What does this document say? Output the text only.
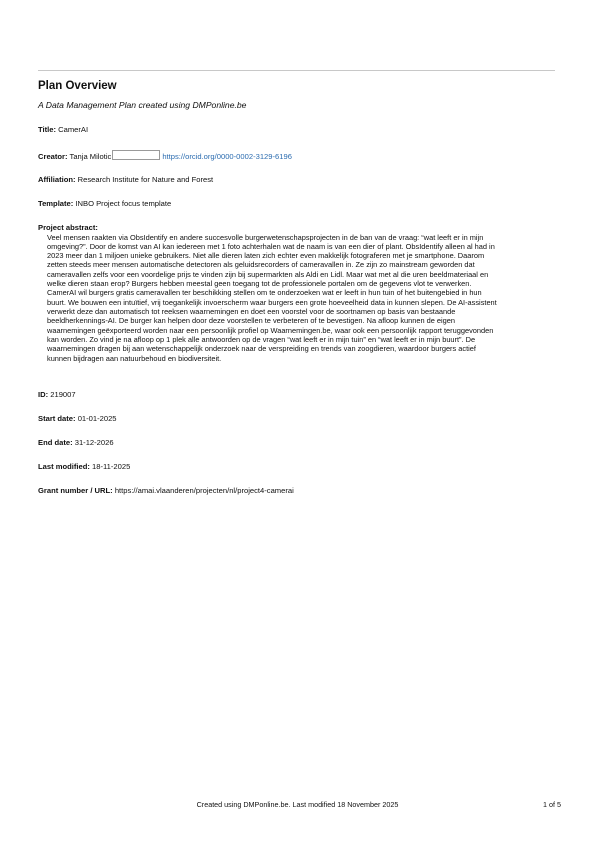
Plan Overview
A Data Management Plan created using DMPonline.be
Title: CamerAI
Creator: Tanja Milotic	https://orcid.org/0000-0002-3129-6196
Affiliation: Research Institute for Nature and Forest
Template: INBO Project focus template
Project abstract:
Veel mensen raakten via ObsIdentify en andere succesvolle burgerwetenschapsprojecten in de ban van de vraag: “wat leeft er in mijn
omgeving?”. Door de komst van AI kan iedereen met 1 foto achterhalen wat de naam is van een dier of plant. ObsIdentify alleen al had in
2023 meer dan 1 miljoen unieke gebruikers. Niet alle dieren laten zich echter even makkelijk fotograferen met je smartphone. Daarom
zetten steeds meer mensen automatische detectoren als geluidsrecorders of cameravallen in. Ze zijn zo mainstream geworden dat
cameravallen zelfs voor een voordelige prijs te vinden zijn bij supermarkten als Aldi en Lidl. Maar wat met al die uren beeldmateriaal en
welke dieren staan erop? Burgers hebben meestal geen toegang tot de professionele portalen om de gegevens vlot te verwerken.
CamerAI wil burgers gratis cameravallen ter beschikking stellen om te onderzoeken wat er leeft in hun tuin of het buitengebied in hun
buurt. We bouwen een intuïtief, vrij toegankelijk invoerscherm waar burgers een grote hoeveelheid data in kunnen slepen. De AI-assistent
verwerkt deze dan automatisch tot reeksen waarnemingen en doet een voorstel voor de soortnamen op basis van bestaande
beeldherkennings-AI. De burger kan helpen door deze voorstellen te verbeteren of te bevestigen. Na afloop kunnen de eigen
waarnemingen geëxporteerd worden naar een persoonlijk profiel op Waarnemingen.be, waar ook een persoonlijk rapport teruggevonden
kan worden. Zo vind je na afloop op 1 plek alle antwoorden op de vragen “wat leeft er in mijn tuin” en “wat leeft er in mijn buurt”. De
waarnemingen dragen bij aan wetenschappelijk onderzoek naar de verspreiding en trends van zoogdieren, waardoor burgers actief
kunnen bijdragen aan natuurbehoud en biodiversiteit.
ID: 219007
Start date: 01-01-2025
End date: 31-12-2026
Last modified: 18-11-2025
Grant number / URL: https://amai.vlaanderen/projecten/nl/project4-camerai
Created using DMPonline.be. Last modified 18 November 2025	1 of 5
